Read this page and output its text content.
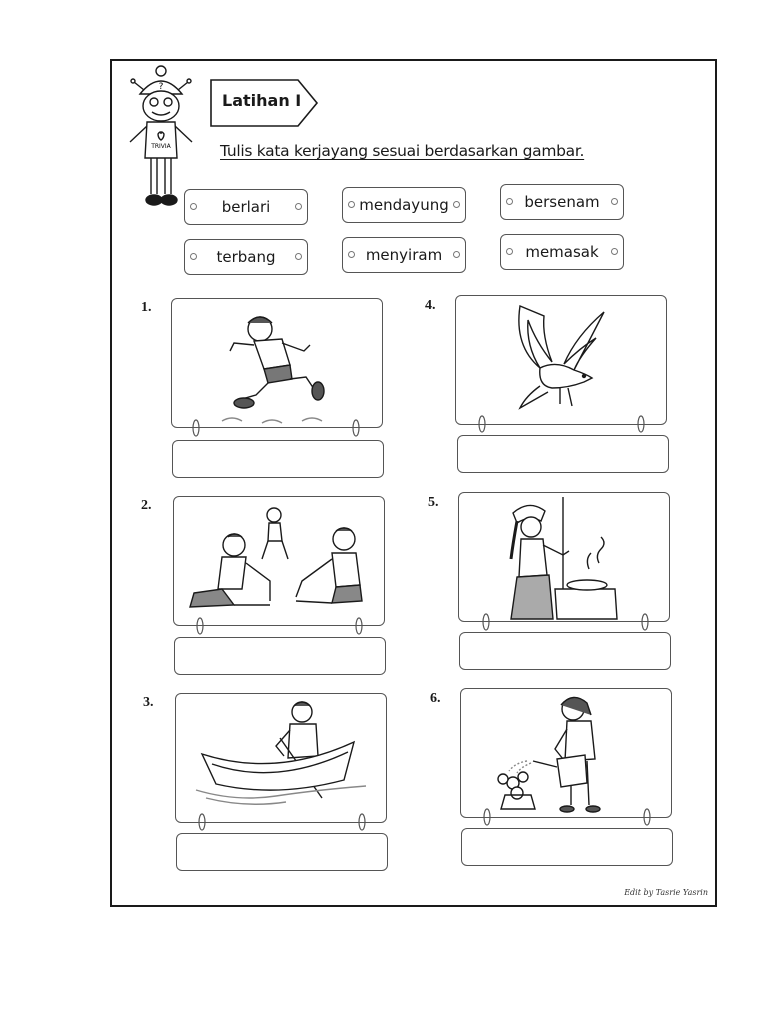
?
TRIVIA
Latihan I
Tulis kata kerjayang sesuai berdasarkan gambar.
berlari	mendayung	bersenam
terbang	menyiram	memasak
1.
2.
3.
4.
5.
6.
Edit by Tasrie Yasrin
